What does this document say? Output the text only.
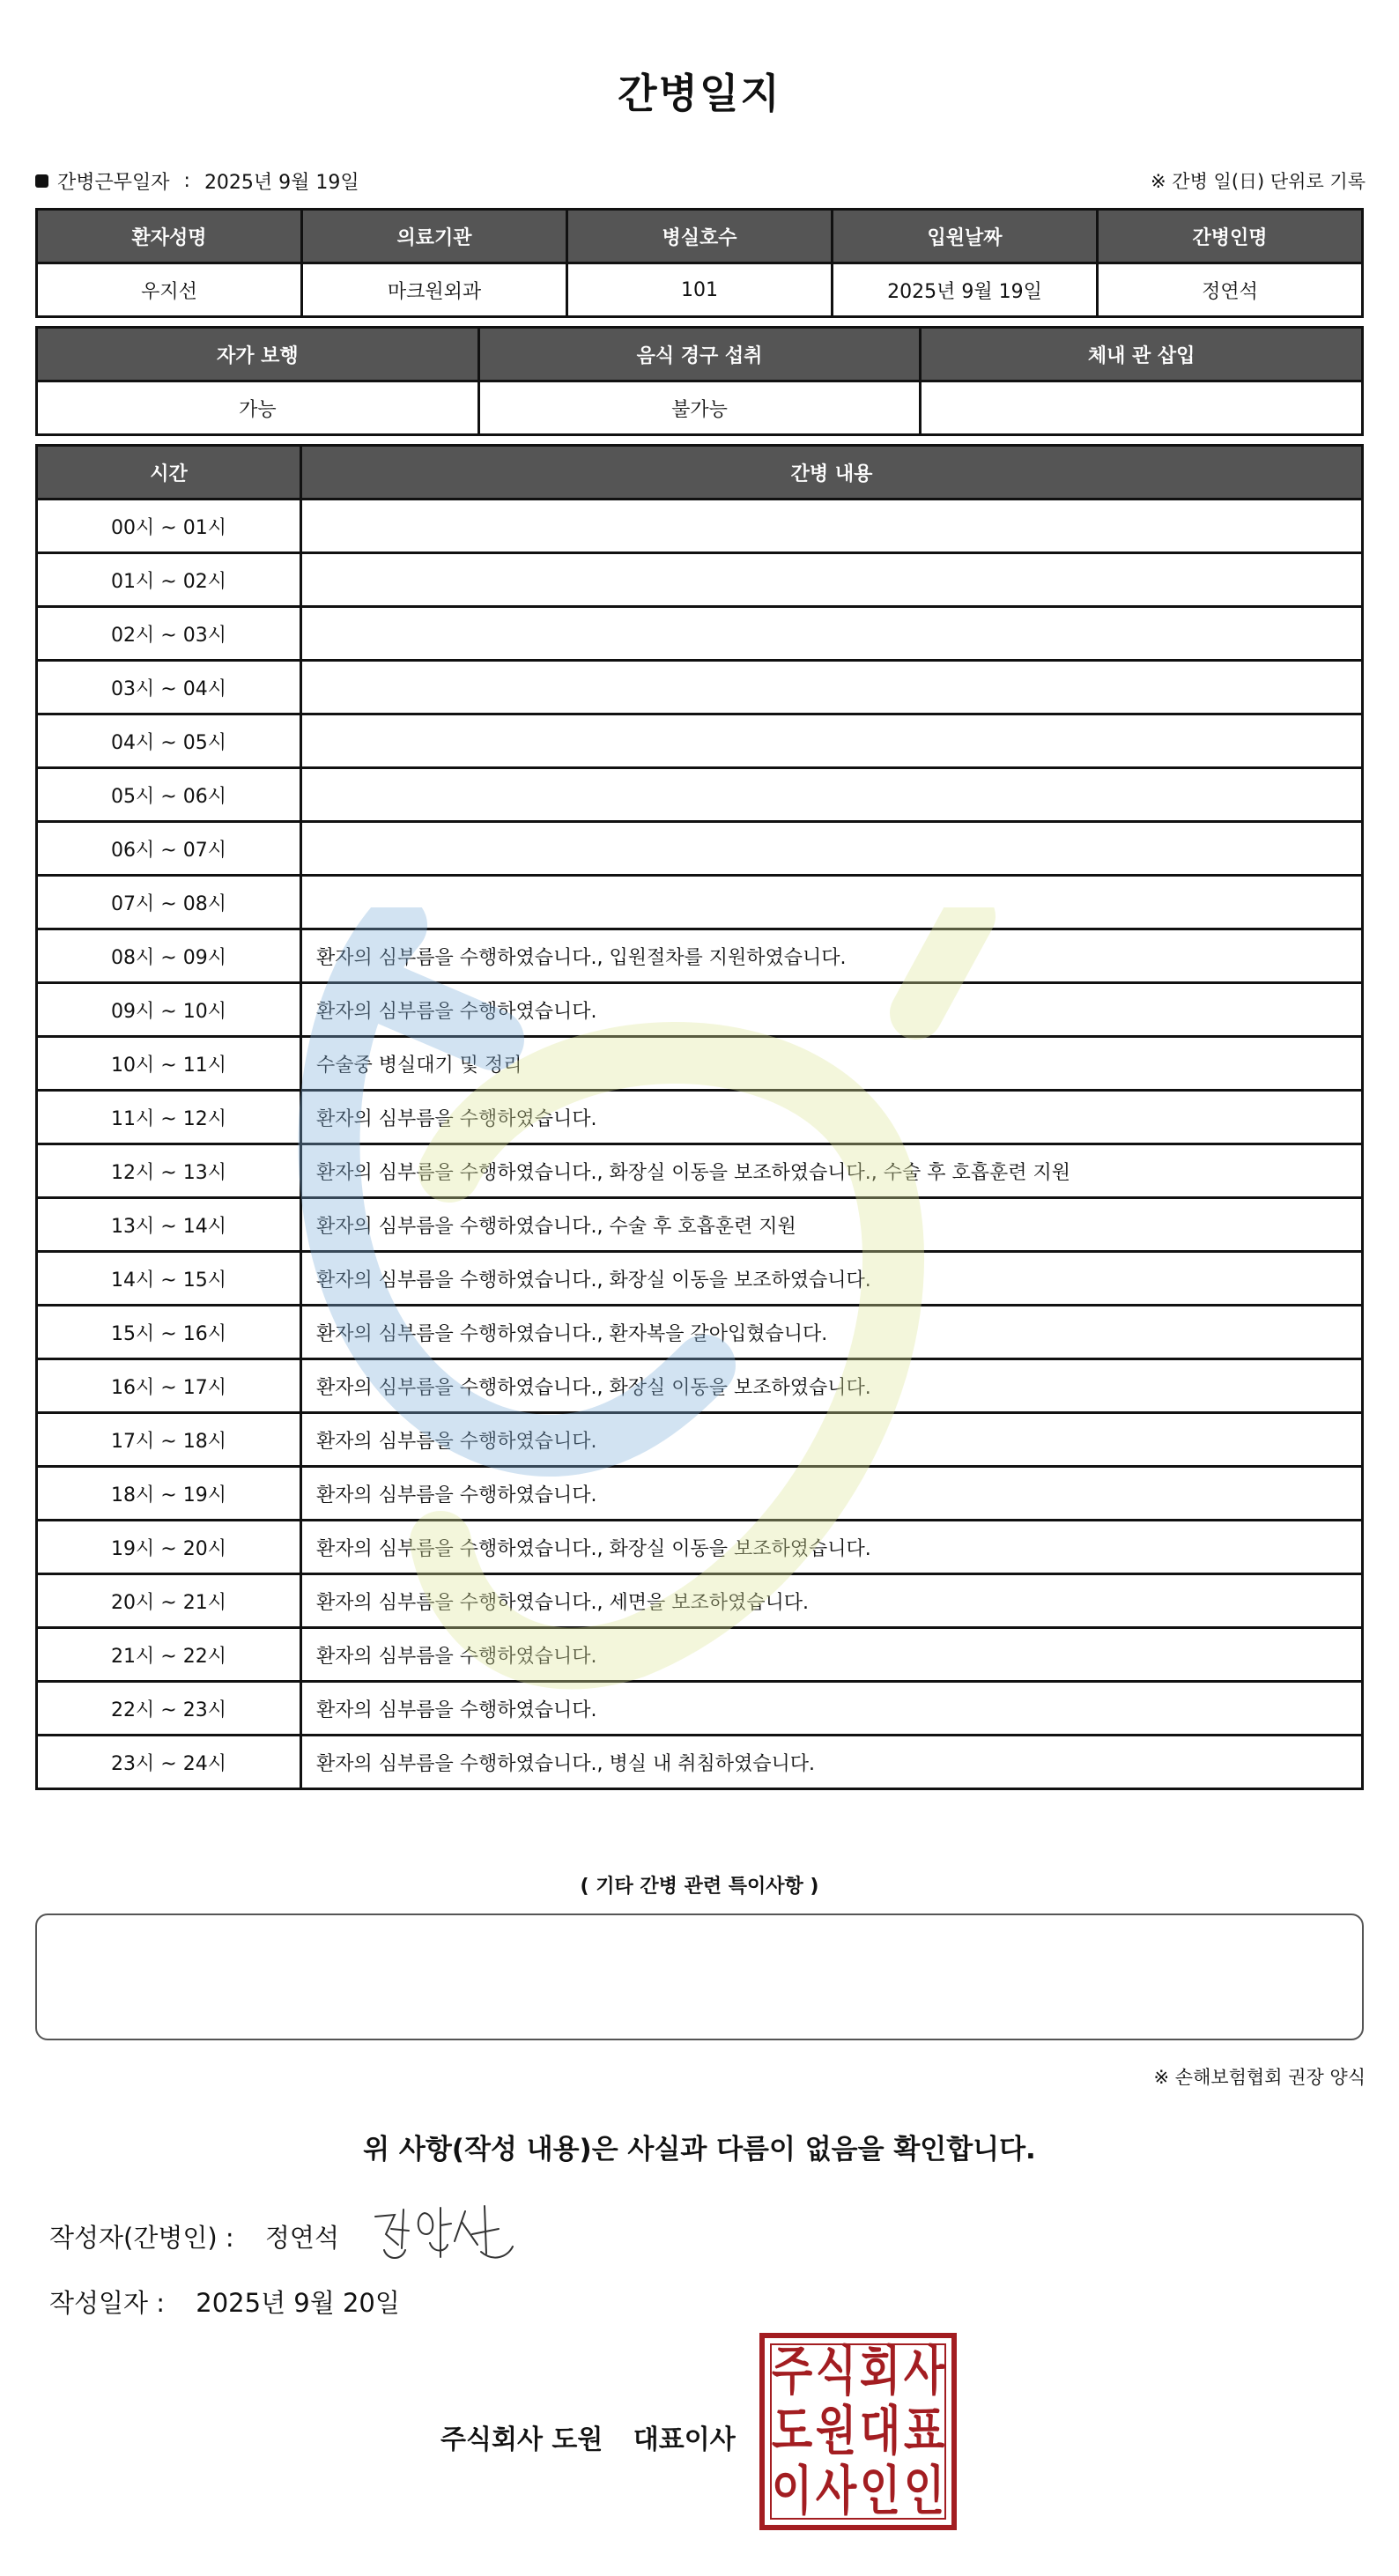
간병일지
간병근무일자 : 2025년 9월 19일	※ 간병 일(日) 단위로 기록
환자성명	의료기관	병실호수	입원날짜	간병인명
우지선	마크원외과	101	2025년 9월 19일	정연석
자가 보행	음식 경구 섭취	체내 관 삽입
가능	불가능	
시간	간병 내용
00시 ~ 01시	
01시 ~ 02시	
02시 ~ 03시	
03시 ~ 04시	
04시 ~ 05시	
05시 ~ 06시	
06시 ~ 07시	
07시 ~ 08시	
08시 ~ 09시	환자의 심부름을 수행하였습니다., 입원절차를 지원하였습니다.
09시 ~ 10시	환자의 심부름을 수행하였습니다.
10시 ~ 11시	수술중 병실대기 및 정리
11시 ~ 12시	환자의 심부름을 수행하였습니다.
12시 ~ 13시	환자의 심부름을 수행하였습니다., 화장실 이동을 보조하였습니다., 수술 후 호흡훈련 지원
13시 ~ 14시	환자의 심부름을 수행하였습니다., 수술 후 호흡훈련 지원
14시 ~ 15시	환자의 심부름을 수행하였습니다., 화장실 이동을 보조하였습니다.
15시 ~ 16시	환자의 심부름을 수행하였습니다., 환자복을 갈아입혔습니다.
16시 ~ 17시	환자의 심부름을 수행하였습니다., 화장실 이동을 보조하였습니다.
17시 ~ 18시	환자의 심부름을 수행하였습니다.
18시 ~ 19시	환자의 심부름을 수행하였습니다.
19시 ~ 20시	환자의 심부름을 수행하였습니다., 화장실 이동을 보조하였습니다.
20시 ~ 21시	환자의 심부름을 수행하였습니다., 세면을 보조하였습니다.
21시 ~ 22시	환자의 심부름을 수행하였습니다.
22시 ~ 23시	환자의 심부름을 수행하였습니다.
23시 ~ 24시	환자의 심부름을 수행하였습니다., 병실 내 취침하였습니다.
( 기타 간병 관련 특이사항 )
※ 손해보험협회 권장 양식
위 사항(작성 내용)은 사실과 다름이 없음을 확인합니다.
작성자(간병인) : 정연석
작성일자 : 2025년 9월 20일
주식회사 도원 대표이사
주 식 회 사
도 원 대 표
이 사 인 인
